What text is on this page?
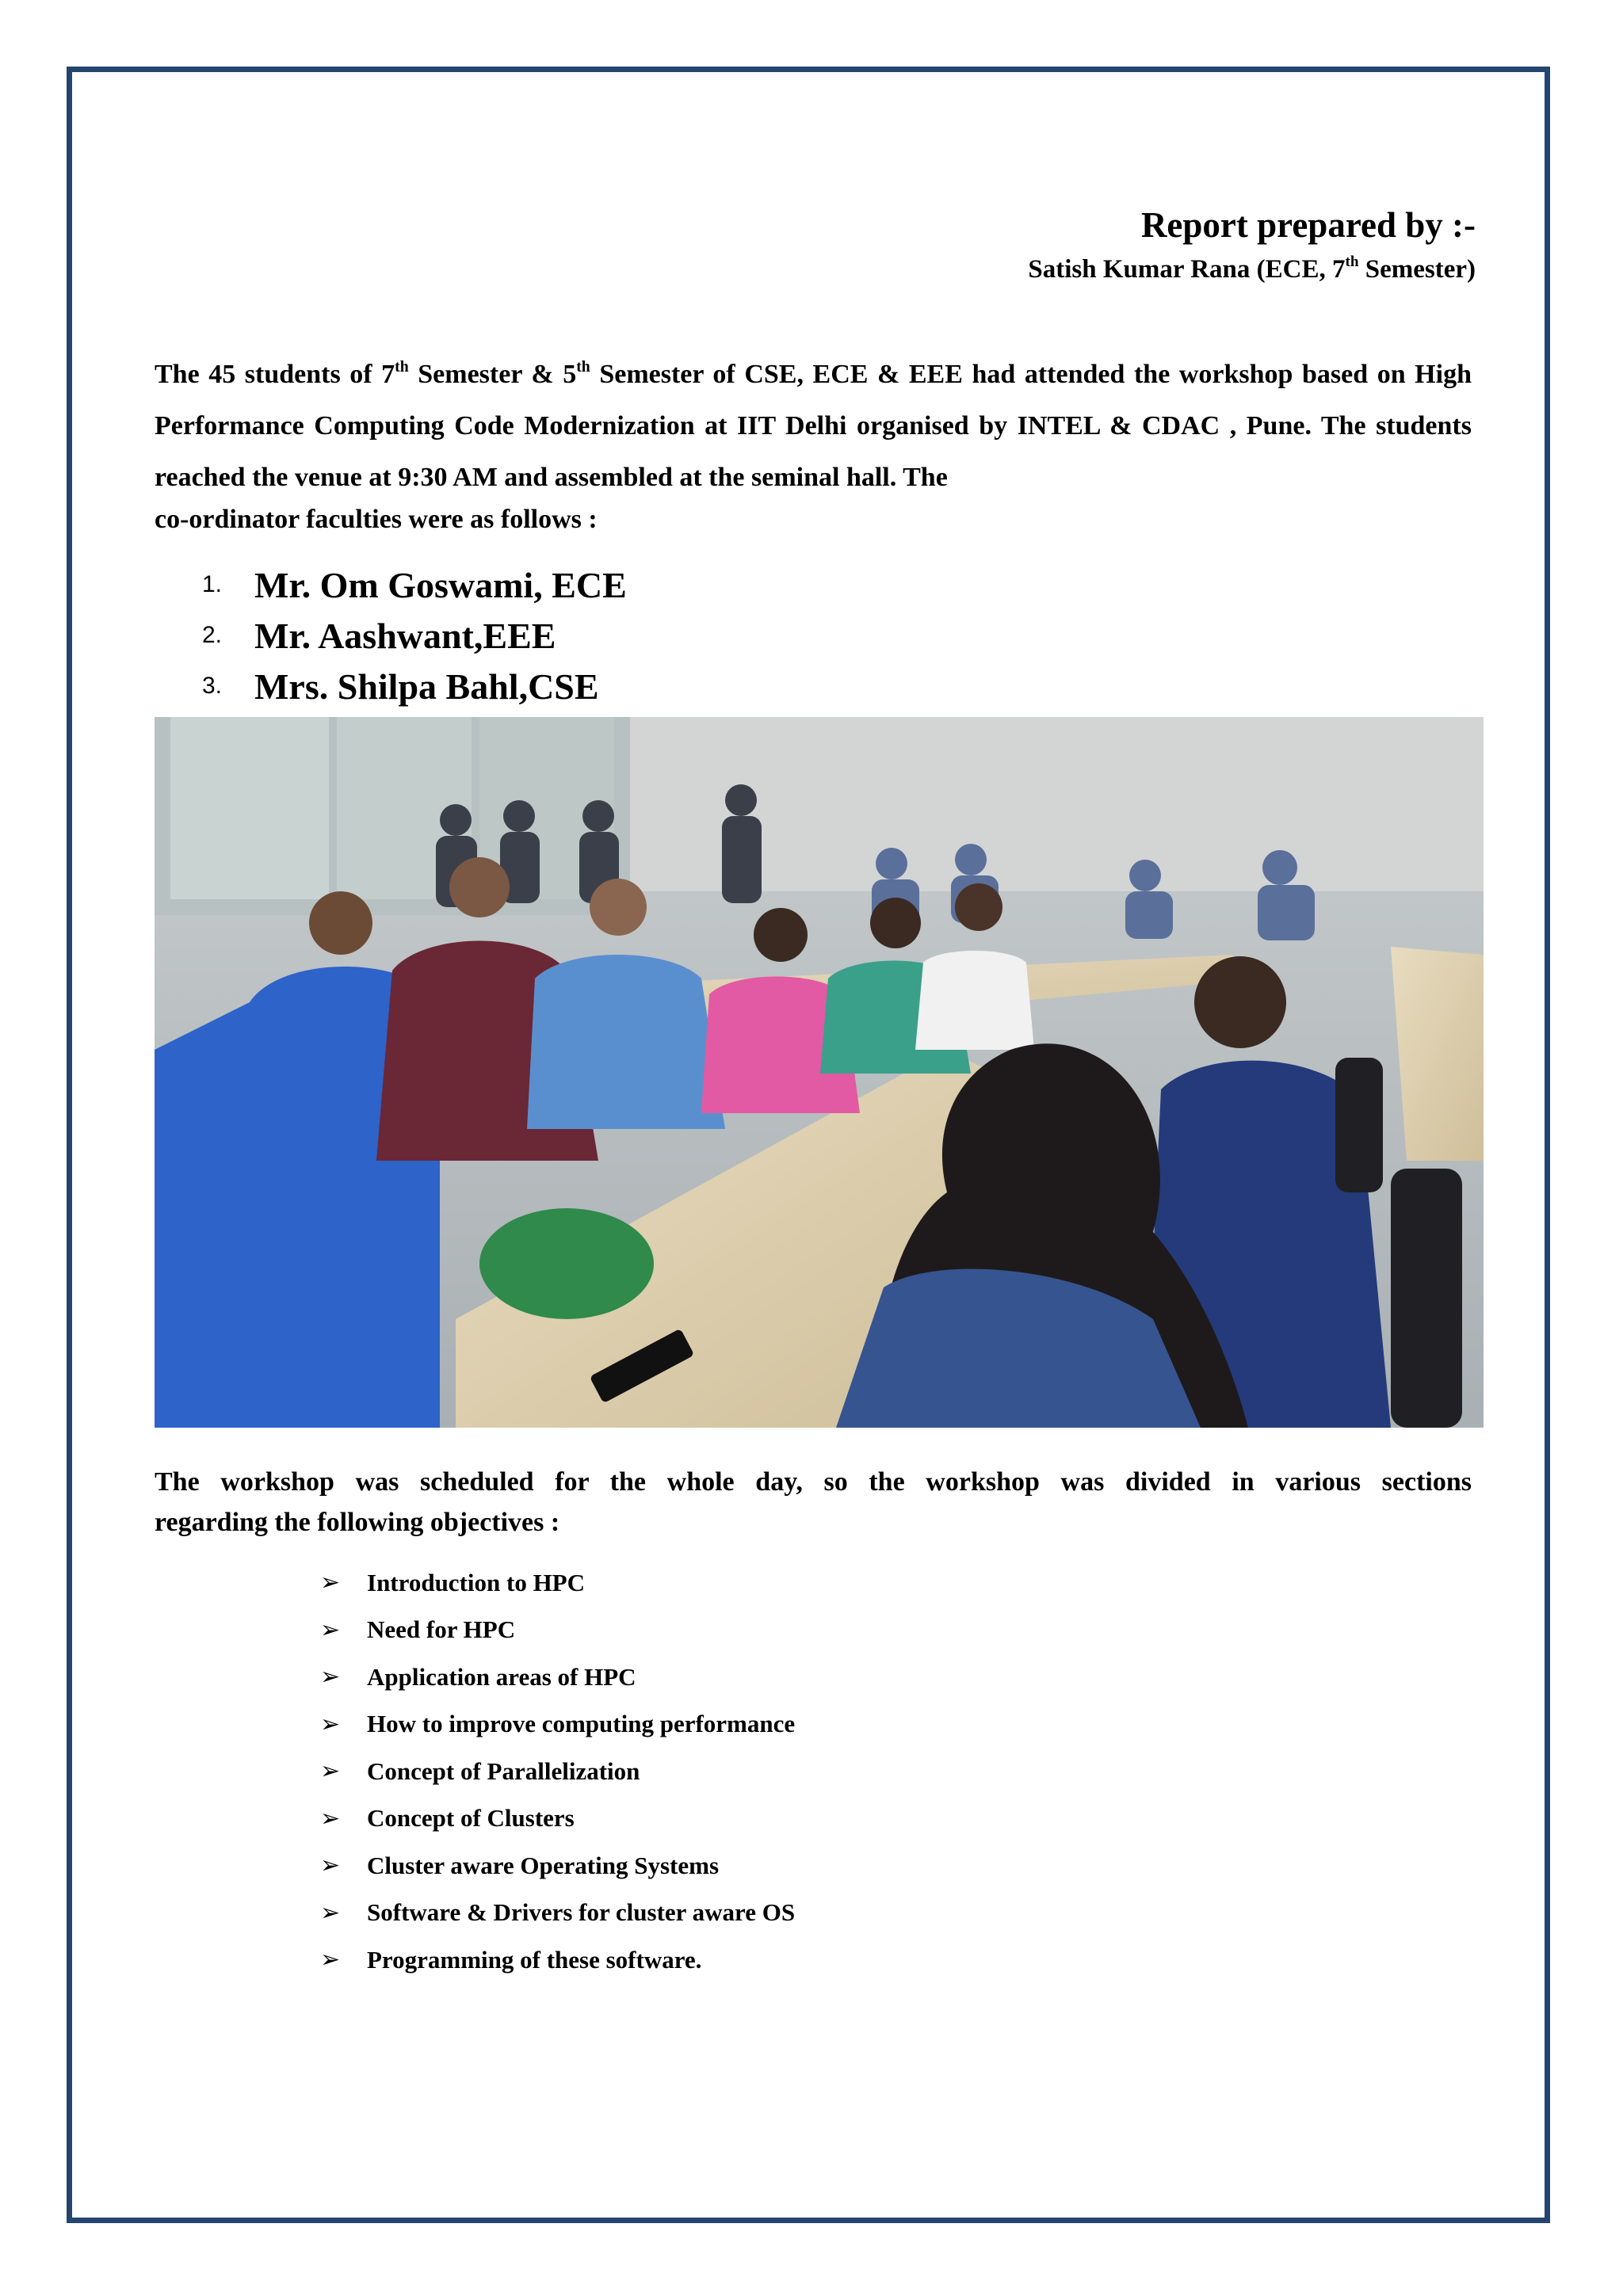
Report prepared by :-
Satish Kumar Rana (ECE, 7th Semester)
The 45 students of 7th Semester & 5th Semester of CSE, ECE & EEE had attended the workshop based on High Performance Computing Code Modernization at IIT Delhi organised by INTEL & CDAC , Pune. The students reached the venue at 9:30 AM and assembled at the seminal hall. The
co-ordinator faculties were as follows :
1. Mr. Om Goswami, ECE
2. Mr. Aashwant,EEE
3. Mrs. Shilpa Bahl,CSE
The workshop was scheduled for the whole day, so the workshop was divided in various sections
regarding the following objectives :
➢	Introduction to HPC
➢	Need for HPC
➢	Application areas of HPC
➢	How to improve computing performance
➢	Concept of Parallelization
➢	Concept of Clusters
➢	Cluster aware Operating Systems
➢	Software & Drivers for cluster aware OS
➢	Programming of these software.
